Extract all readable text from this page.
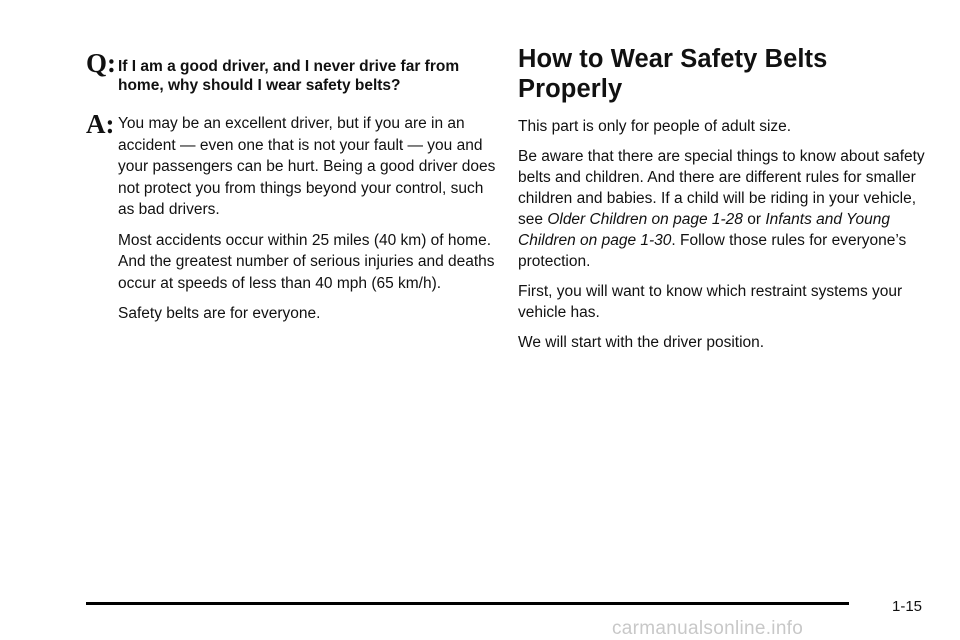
Q: If I am a good driver, and I never drive far from home, why should I wear safety belts?
A: You may be an excellent driver, but if you are in an accident — even one that is not your fault — you and your passengers can be hurt. Being a good driver does not protect you from things beyond your control, such as bad drivers.

Most accidents occur within 25 miles (40 km) of home. And the greatest number of serious injuries and deaths occur at speeds of less than 40 mph (65 km/h).

Safety belts are for everyone.

How to Wear Safety Belts Properly

This part is only for people of adult size.

Be aware that there are special things to know about safety belts and children. And there are different rules for smaller children and babies. If a child will be riding in your vehicle, see Older Children on page 1-28 or Infants and Young Children on page 1-30. Follow those rules for everyone’s protection.

First, you will want to know which restraint systems your vehicle has.

We will start with the driver position.

1-15
carmanualsonline.info
